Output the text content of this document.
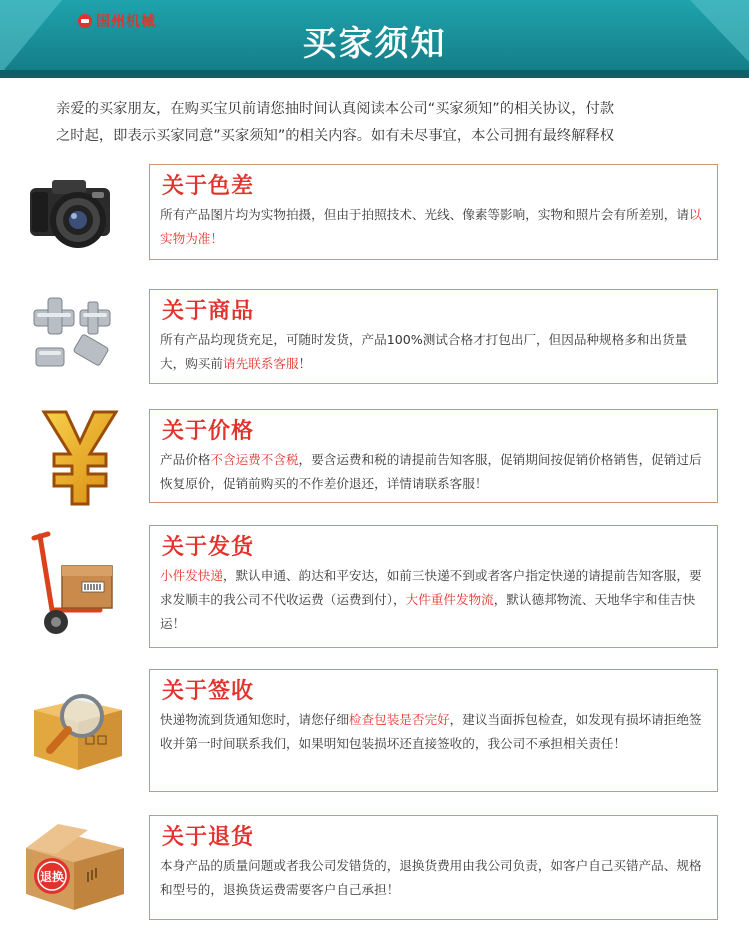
国州机械
买家须知
亲爱的买家朋友，在购买宝贝前请您抽时间认真阅读本公司“买家须知”的相关协议，付款
之时起，即表示买家同意”买家须知”的相关内容。如有未尽事宜，本公司拥有最终解释权
关于色差

所有产品图片均为实物拍摄，但由于拍照技术、光线、像素等影响，实物和照片会有所差别，请以实物为准！

关于商品

所有产品均现货充足，可随时发货，产品100%测试合格才打包出厂，但因品种规格多和出货量大，购买前请先联系客服！

关于价格

产品价格不含运费不含税，要含运费和税的请提前告知客服，促销期间按促销价格销售，促销过后恢复原价，促销前购买的不作差价退还，详情请联系客服！

关于发货

小件发快递，默认申通、韵达和平安达，如前三快递不到或者客户指定快递的请提前告知客服，要求发顺丰的我公司不代收运费（运费到付），大件重件发物流，默认德邦物流、天地华宇和佳吉快运！

关于签收

快递物流到货通知您时，请您仔细检查包装是否完好，建议当面拆包检查，如发现有损坏请拒绝签收并第一时间联系我们，如果明知包装损坏还直接签收的，我公司不承担相关责任！

退换
关于退货

本身产品的质量问题或者我公司发错货的，退换货费用由我公司负责，如客户自己买错产品、规格和型号的，退换货运费需要客户自己承担！
